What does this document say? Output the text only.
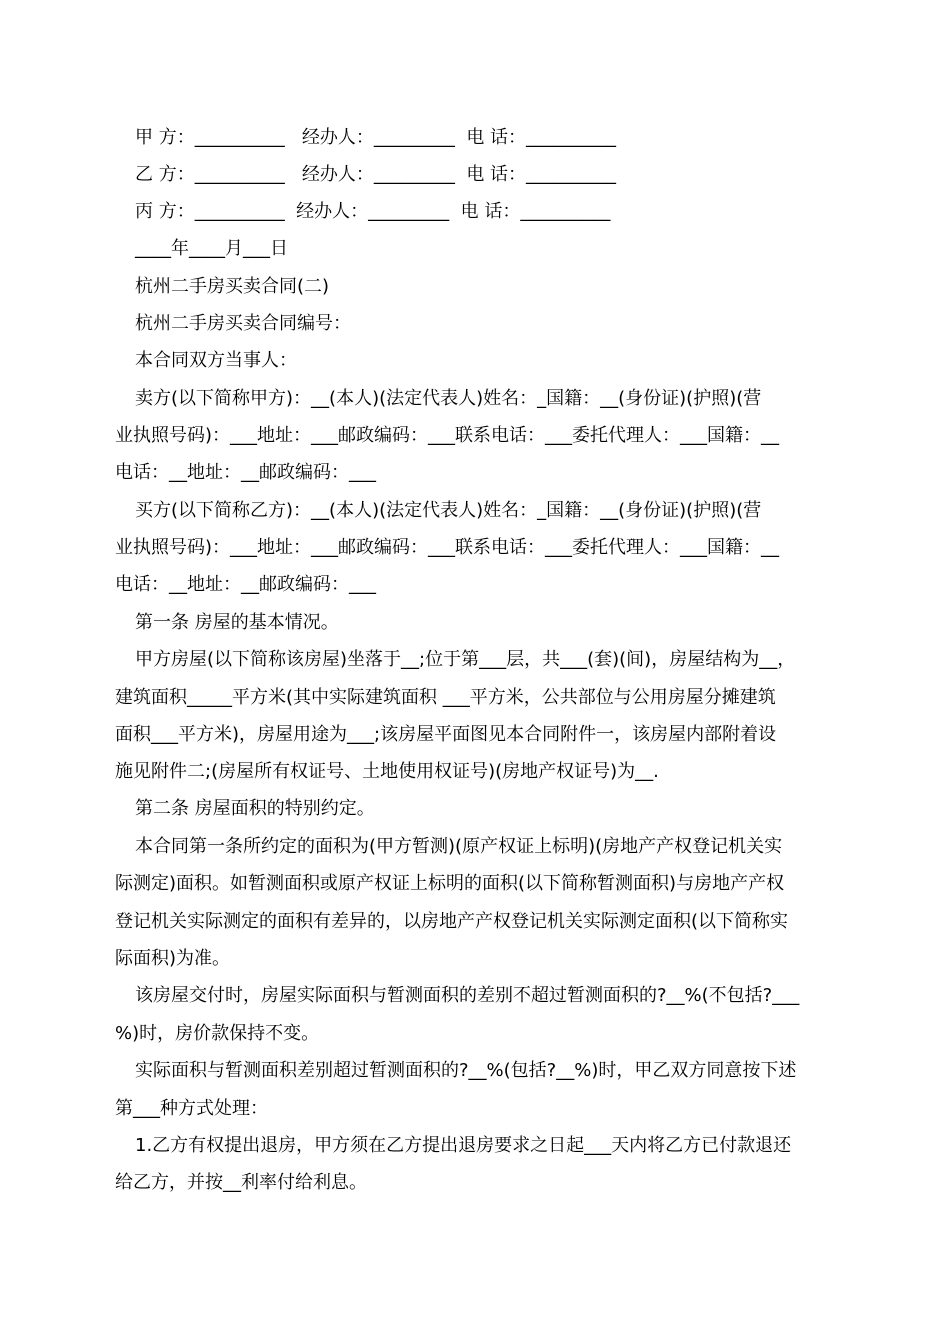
甲 方：__________   经办人：_________  电 话：__________
乙 方：__________   经办人：_________  电 话：__________
丙 方：__________  经办人：_________  电 话：__________
____年____月___日
杭州二手房买卖合同(二)
杭州二手房买卖合同编号：
本合同双方当事人：
卖方(以下简称甲方)：__(本人)(法定代表人)姓名：_国籍：__(身份证)(护照)(营
业执照号码)：___地址：___邮政编码：___联系电话：___委托代理人：___国籍：__
电话：__地址：__邮政编码：___
买方(以下简称乙方)：__(本人)(法定代表人)姓名：_国籍：__(身份证)(护照)(营
业执照号码)：___地址：___邮政编码：___联系电话：___委托代理人：___国籍：__
电话：__地址：__邮政编码：___
第一条 房屋的基本情况。
甲方房屋(以下简称该房屋)坐落于__;位于第___层，共___(套)(间)，房屋结构为__，
建筑面积_____平方米(其中实际建筑面积 ___平方米，公共部位与公用房屋分摊建筑
面积___平方米)，房屋用途为___;该房屋平面图见本合同附件一，该房屋内部附着设
施见附件二;(房屋所有权证号、土地使用权证号)(房地产权证号)为__.
第二条 房屋面积的特别约定。
本合同第一条所约定的面积为(甲方暂测)(原产权证上标明)(房地产产权登记机关实
际测定)面积。如暂测面积或原产权证上标明的面积(以下简称暂测面积)与房地产产权
登记机关实际测定的面积有差异的，以房地产产权登记机关实际测定面积(以下简称实
际面积)为准。
该房屋交付时，房屋实际面积与暂测面积的差别不超过暂测面积的?__%(不包括?___
%)时，房价款保持不变。
实际面积与暂测面积差别超过暂测面积的?__%(包括?__%)时，甲乙双方同意按下述
第___种方式处理：
1.乙方有权提出退房，甲方须在乙方提出退房要求之日起___天内将乙方已付款退还
给乙方，并按__利率付给利息。
